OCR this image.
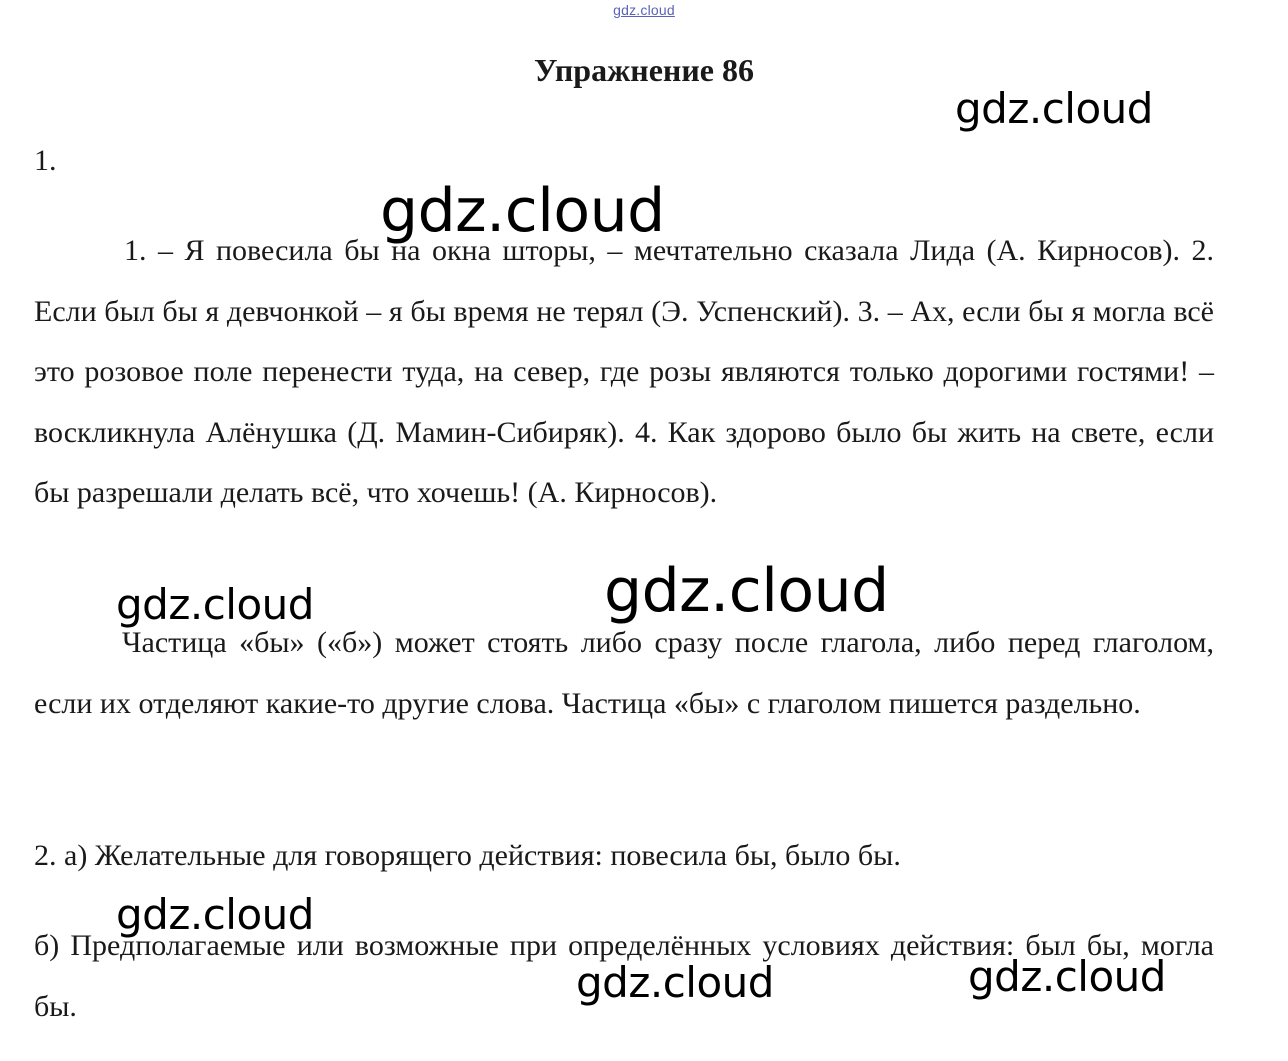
gdz.cloud
Упражнение 86
1.

1. – Я повесила бы на окна шторы, – мечтательно сказала Лида (А. Кирносов). 2. Если был бы я девчонкой – я бы время не терял (Э. Успенский). 3. – Ах, если бы я могла всё это розовое поле перенести туда, на север, где розы являются только дорогими гостями! – воскликнула Алёнушка (Д. Мамин-Сибиряк). 4. Как здорово было бы жить на свете, если бы разрешали делать всё, что хочешь! (А. Кирносов).

Частица «бы» («б») может стоять либо сразу после глагола, либо перед глаголом, если их отделяют какие-то другие слова. Частица «бы» с глаголом пишется раздельно.

2. а) Желательные для говорящего действия: повесила бы, было бы.

б) Предполагаемые или возможные при определённых условиях действия: был бы, могла бы.

gdz.cloud
gdz.cloud
gdz.cloud	gdz.cloud
gdz.cloud
gdz.cloud	gdz.cloud
